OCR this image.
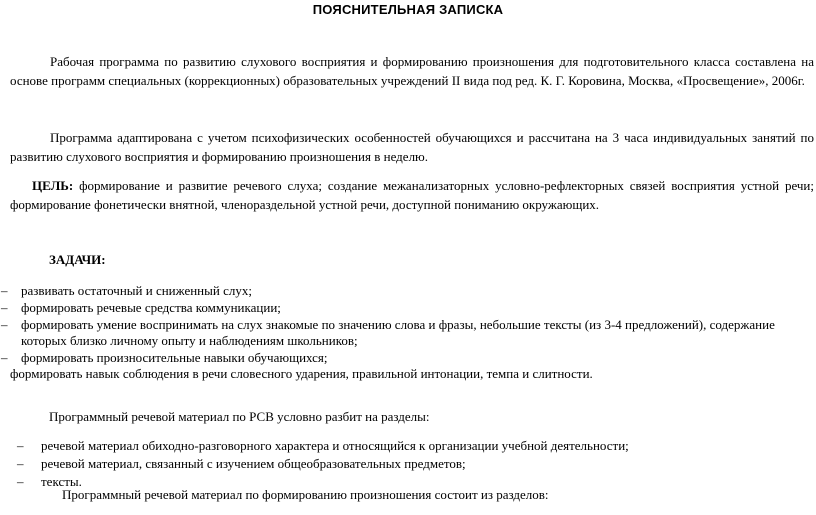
ПОЯСНИТЕЛЬНАЯ ЗАПИСКА

Рабочая программа по развитию слухового восприятия и формированию произношения для подготовительного класса составлена на основе программ специальных (коррекционных) образовательных учреждений II вида под ред. К. Г. Коровина, Москва, «Просвещение», 2006г.

Программа адаптирована с учетом психофизических особенностей обучающихся и рассчитана на 3 часа индивидуальных занятий по развитию слухового восприятия и формированию произношения в неделю.

ЦЕЛЬ: формирование и развитие речевого слуха; создание межанализаторных условно-рефлекторных связей восприятия устной речи; формирование фонетически внятной, членораздельной устной речи, доступной пониманию окружающих.

ЗАДАЧИ:
– развивать остаточный и сниженный слух;
– формировать речевые средства коммуникации;
– формировать умение воспринимать на слух знакомые по значению слова и фразы, небольшие тексты (из 3-4 предложений), содержание которых близко личному опыту и наблюдениям школьников;
– формировать произносительные навыки обучающихся;
формировать навык соблюдения в речи словесного ударения, правильной интонации, темпа и слитности.
Программный речевой материал по РСВ условно разбит на разделы:
– речевой материал обиходно-разговорного характера и относящийся к организации учебной деятельности;
– речевой материал, связанный с изучением общеобразовательных предметов;
– тексты.
Программный речевой материал по формированию произношения состоит из разделов:
